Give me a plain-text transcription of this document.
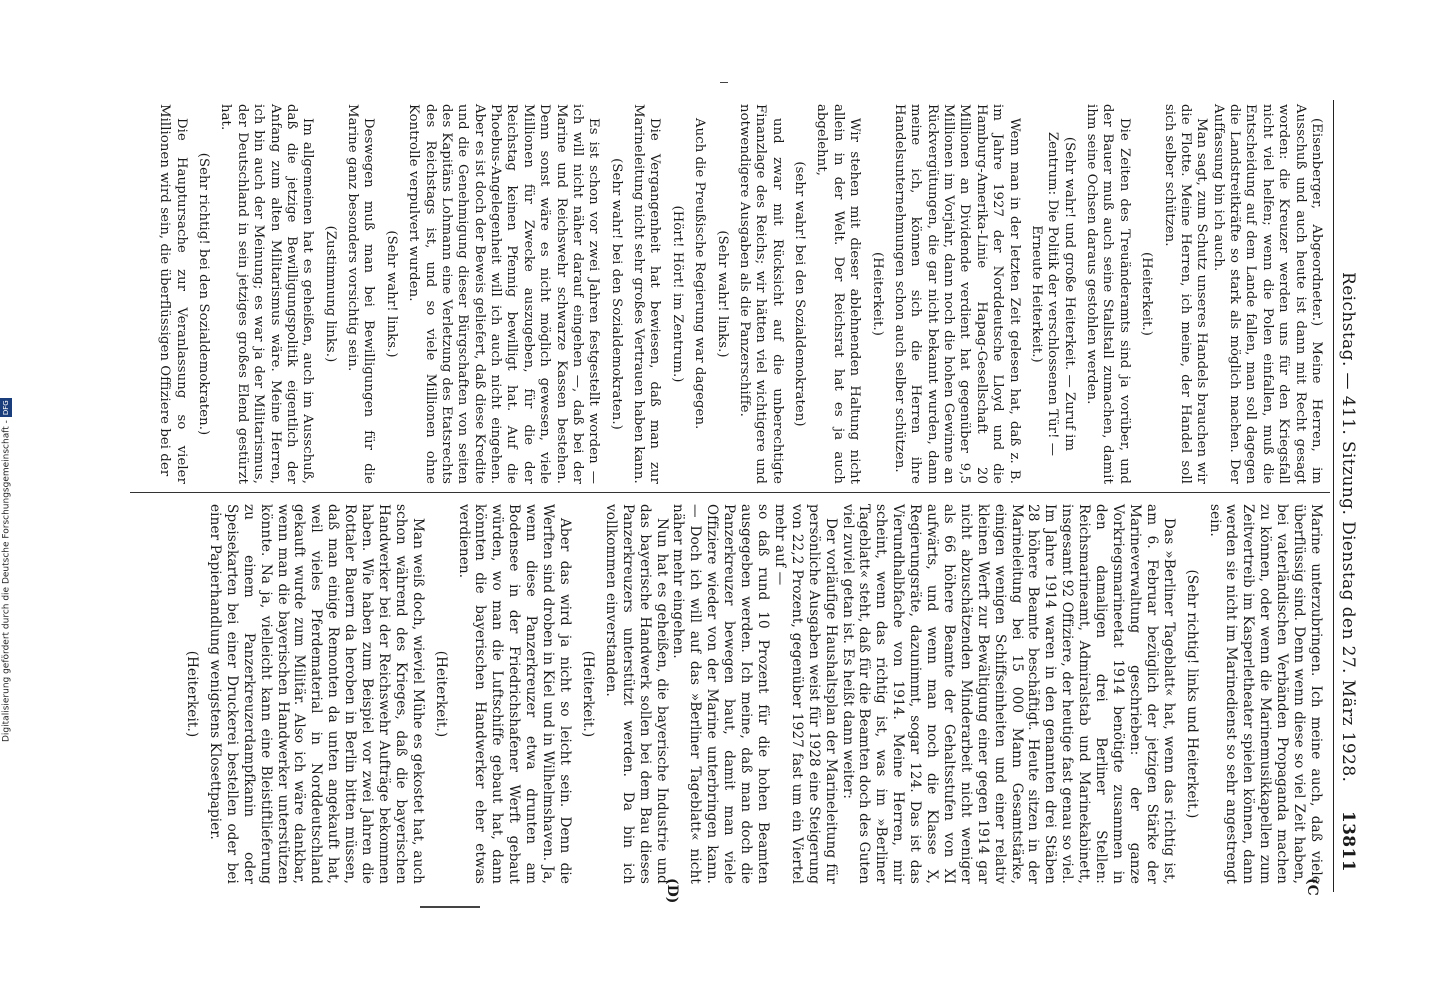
Reichstag. — 411. Sitzung. Dienstag den 27. März 1928.
13811
(C
(D)

(Eisenberger, Abgeordneter.) Meine Herren, im Ausschuß und auch heute ist dann mit Recht gesagt worden: die Kreuzer werden uns für den Kriegsfall nicht viel helfen; wenn die Polen einfallen, muß die Entscheidung auf dem Lande fallen, man soll dagegen die Landstreitkräfte so stark als möglich machen. Der Auffassung bin ich auch.

Man sagt, zum Schutz unseres Handels brauchen wir die Flotte. Meine Herren, ich meine, der Handel soll sich selber schützen.

(Heiterkeit.)

Die Zeiten des Treuänderamts sind ja vorüber, und der Bauer muß auch seine Stallstall zumachen, damit ihm seine Ochsen daraus gestohlen werden.

(Sehr wahr! und große Heiterkeit. — Zuruf im Zentrum: Die Politik der verschlossenen Tür! — Erneute Heiterkeit.)

Wenn man in der letzten Zeit gelesen hat, daß z. B. im Jahre 1927 der Norddeutsche Lloyd und die Hamburg-Amerika-Linie Hapag-Gesellschaft 20 Millionen an Dividende verdient hat gegenüber 9,5 Millionen im Vorjahr, dann noch die hohen Gewinne an Rückvergütungen, die gar nicht bekannt wurden, dann meine ich, können sich die Herren ihre Handelsunternehmungen schon auch selber schützen.

(Heiterkeit.)

Wir stehen mit dieser ablehnenden Haltung nicht allein in der Welt. Der Reichsrat hat es ja auch abgelehnt,

(sehr wahr! bei den Sozialdemokraten)

und zwar mit Rücksicht auf die unberechtigte Finanzlage des Reichs; wir hätten viel wichtigere und notwendigere Ausgaben als die Panzerschiffe.

(Sehr wahr! links.)

Auch die Preußische Regierung war dagegen.

(Hört! Hört! im Zentrum.)

Die Vergangenheit hat bewiesen, daß man zur Marineleitung nicht sehr großes Vertrauen haben kann.

(Sehr wahr! bei den Sozialdemokraten.)

Es ist schon vor zwei Jahren festgestellt worden — ich will nicht näher darauf eingehen —, daß bei der Marine und Reichswehr schwarze Kassen bestehen. Denn sonst wäre es nicht möglich gewesen, viele Millionen für Zwecke auszugeben, für die der Reichstag keinen Pfennig bewilligt hat. Auf die Phoebus-Angelegenheit will ich auch nicht eingehen. Aber es ist doch der Beweis geliefert, daß diese Kredite und die Genehmigung dieser Bürgschaften von seiten des Kapitäns Lohmann eine Verletzung des Etatsrechts des Reichstags ist, und so viele Millionen ohne Kontrolle verpulvert wurden.

(Sehr wahr! links.)

Deswegen muß man bei Bewilligungen für die Marine ganz besonders vorsichtig sein.

(Zustimmung links.)

Im allgemeinen hat es geheißen, auch im Ausschuß, daß die jetzige Bewilligungspolitik eigentlich der Anfang zum alten Militarismus wäre. Meine Herren, ich bin auch der Meinung; es war ja der Militarismus, der Deutschland in sein jetziges großes Elend gestürzt hat.

(Sehr richtig! bei den Sozialdemokraten.)

Die Hauptursache zur Veranlassung so vieler Millionen wird sein, die überflüssigen Offiziere bei der

Marine unterzubringen. Ich meine auch, daß viele überflüssig sind. Denn wenn diese so viel Zeit haben, bei vaterländischen Verbänden Propaganda machen zu können, oder wenn die Marinemusikkapellen zum Zeitvertreib im Kasperletheater spielen können, dann werden sie nicht im Marinedienst so sehr angestrengt sein.

(Sehr richtig! links und Heiterkeit.)

Das »Berliner Tageblatt« hat, wenn das richtig ist, am 6. Februar bezüglich der jetzigen Stärke der Marineverwaltung geschrieben: der ganze Vorkriegsmarineetat 1914 benötigte zusammen in den damaligen drei Berliner Stellen: Reichsmarineamt, Admiralstab und Marinekabinett, insgesamt 92 Offiziere, der heutige fast genau so viel. Im Jahre 1914 waren in den genannten drei Stäben 28 höhere Beamte beschäftigt. Heute sitzen in der Marineleitung bei 15 000 Mann Gesamtstärke, einigen wenigen Schiffseinheiten und einer relativ kleinen Werft zur Bewältigung einer gegen 1914 gar nicht abzuschätzenden Minderarbeit nicht weniger als 66 höhere Beamte der Gehaltsstufen von XI aufwärts, und wenn man noch die Klasse X, Regierungsräte, dazunimmt, sogar 124. Das ist das Vierundhalbfache von 1914. Meine Herren, mir scheint, wenn das richtig ist, was im »Berliner Tageblatt« steht, daß für die Beamten doch des Guten viel zuviel getan ist. Es heißt dann weiter:

Der vorläufige Haushaltsplan der Marineleitung für persönliche Ausgaben weist für 1928 eine Steigerung von 22,2 Prozent, gegenüber 1927 fast um ein Viertel mehr auf —

so daß rund 10 Prozent für die hohen Beamten ausgegeben werden. Ich meine, daß man doch die Panzerkreuzer bewegen baut, damit man viele Offiziere wieder von der Marine unterbringen kann. — Doch ich will auf das »Berliner Tageblatt« nicht näher mehr eingehen.

Nun hat es geheißen, die bayerische Industrie und das bayerische Handwerk sollen bei dem Bau dieses Panzerkreuzers unterstützt werden. Da bin ich vollkommen einverstanden.

(Heiterkeit.)

Aber das wird ja nicht so leicht sein. Denn die Werften sind droben in Kiel und in Wilhelmshaven. Ja, wenn diese Panzerkreuzer etwa drunten am Bodensee in der Friedrichshafener Werft gebaut würden, wo man die Luftschiffe gebaut hat, dann könnten die bayerischen Handwerker eher etwas verdienen.

(Heiterkeit.)

Man weiß doch, wieviel Mühe es gekostet hat, auch schon während des Krieges, daß die bayerischen Handwerker bei der Reichswehr Aufträge bekommen haben. Wie haben zum Beispiel vor zwei Jahren die Rottaler Bauern da heroben in Berlin bitten müssen, daß man einige Remonten da unten angekauft hat, weil vieles Pferdematerial in Norddeutschland gekauft wurde zum Militär. Also ich wäre dankbar, wenn man die bayerischen Handwerker unterstützen könnte. Na ja, vielleicht kann eine Bleistiftlieferung zu einem Panzerkreuzerdampfkanin oder Speisekarten bei einer Druckerei bestellen oder bei einer Papierhandlung wenigstens Klosettpapier.

(Heiterkeit.)

Digitalisierung gefördert durch die Deutsche Forschungsgemeinschaft -DFG
